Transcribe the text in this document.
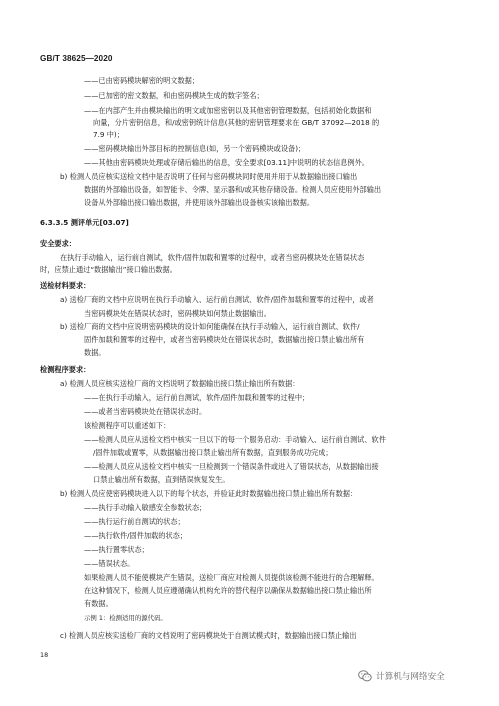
GB/T 38625—2020
——已由密码模块解密的明文数据；
——已加密的密文数据，和由密码模块生成的数字签名；
——在内部产生并由模块输出的明文或加密密钥以及其他密钥管理数据，包括初始化数据和
向量，分片密钥信息，和/或密钥统计信息(其他的密钥管理要求在 GB/T 37092—2018 的
7.9 中)；
——密码模块输出外部目标的控制信息(如，另一个密码模块或设备)；
——其他由密码模块处理或存储后输出的信息，安全要求[03.11]中说明的状态信息例外。
b) 检测人员应核实送检文档中是否说明了任何与密码模块同时使用并用于从数据输出接口输出
数据的外部输出设备，如智能卡、令牌、显示器和/或其他存储设备。检测人员应使用外部输出
设备从外部输出接口输出数据，并使用该外部输出设备核实该输出数据。
6.3.3.5 测评单元[03.07]
安全要求：
在执行手动输入，运行前自测试，软件/固件加载和置零的过程中，或者当密码模块处在错误状态
时，应禁止通过“数据输出”接口输出数据。
送检材料要求：
a) 送检厂商的文档中应说明在执行手动输入、运行前自测试、软件/固件加载和置零的过程中，或者
当密码模块处在错误状态时，密码模块如何禁止数据输出。
b) 送检厂商的文档中应说明密码模块的设计如何能确保在执行手动输入，运行前自测试、软件/
固件加载和置零的过程中，或者当密码模块处在错误状态时，数据输出接口禁止输出所有
数据。
检测程序要求：
a) 检测人员应核实送检厂商的文档说明了数据输出接口禁止输出所有数据：
——在执行手动输入，运行前自测试，软件/固件加载和置零的过程中；
——或者当密码模块处在错误状态时。
该检测程序可以重述如下：
——检测人员应从送检文档中核实一旦以下的每一个服务启动：手动输入、运行前自测试、软件
/固件加载或置零，从数据输出接口禁止输出所有数据，直到服务成功完成；
——检测人员应从送检文档中核实一旦检测到一个错误条件或进入了错误状态，从数据输出接
口禁止输出所有数据，直到错误恢复发生。
b) 检测人员应使密码模块进入以下的每个状态，并验证此时数据输出接口禁止输出所有数据：
——执行手动输入敏感安全参数状态；
——执行运行前自测试的状态；
——执行软件/固件加载的状态；
——执行置零状态；
——错误状态。
如果检测人员不能使模块产生错误，送检厂商应对检测人员提供该检测不能进行的合理解释。
在这种情况下，检测人员应遵循确认机构允许的替代程序以确保从数据输出接口禁止输出所
有数据。
示例 1：检测适用的源代码。
c) 检测人员应核实送检厂商的文档说明了密码模块处于自测试模式时，数据输出接口禁止输出
18
计算机与网络安全
